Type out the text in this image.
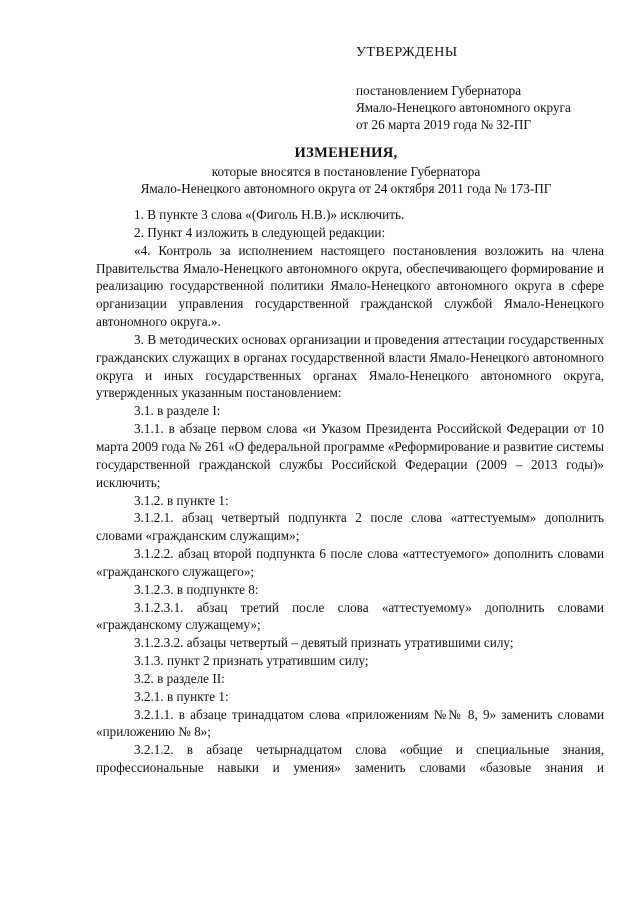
УТВЕРЖДЕНЫ
постановлением Губернатора
Ямало-Ненецкого автономного округа
от 26 марта 2019 года № 32-ПГ
ИЗМЕНЕНИЯ,
которые вносятся в постановление Губернатора
Ямало-Ненецкого автономного округа от 24 октября 2011 года № 173-ПГ

1. В пункте 3 слова «(Фиголь Н.В.)» исключить.

2. Пункт 4 изложить в следующей редакции:

«4. Контроль за исполнением настоящего постановления возложить на члена Правительства Ямало-Ненецкого автономного округа, обеспечивающего формирование и реализацию государственной политики Ямало-Ненецкого автономного округа в сфере организации управления государственной гражданской службой Ямало-Ненецкого автономного округа.».

3. В методических основах организации и проведения аттестации государственных гражданских служащих в органах государственной власти Ямало-Ненецкого автономного округа и иных государственных органах Ямало-Ненецкого автономного округа, утвержденных указанным постановлением:

3.1. в разделе I:

3.1.1. в абзаце первом слова «и Указом Президента Российской Федерации от 10 марта 2009 года № 261 «О федеральной программе «Реформирование и развитие системы государственной гражданской службы Российской Федерации (2009 – 2013 годы)» исключить;

3.1.2. в пункте 1:

3.1.2.1. абзац четвертый подпункта 2 после слова «аттестуемым» дополнить словами «гражданским служащим»;

3.1.2.2. абзац второй подпункта 6 после слова «аттестуемого» дополнить словами «гражданского служащего»;

3.1.2.3. в подпункте 8:

3.1.2.3.1. абзац третий после слова «аттестуемому» дополнить словами «гражданскому служащему»;

3.1.2.3.2. абзацы четвертый – девятый признать утратившими силу;

3.1.3. пункт 2 признать утратившим силу;

3.2. в разделе II:

3.2.1. в пункте 1:

3.2.1.1. в абзаце тринадцатом слова «приложениям №№ 8, 9» заменить словами «приложению № 8»;

3.2.1.2. в абзаце четырнадцатом слова «общие и специальные знания, профессиональные навыки и умения» заменить словами «базовые знания и
